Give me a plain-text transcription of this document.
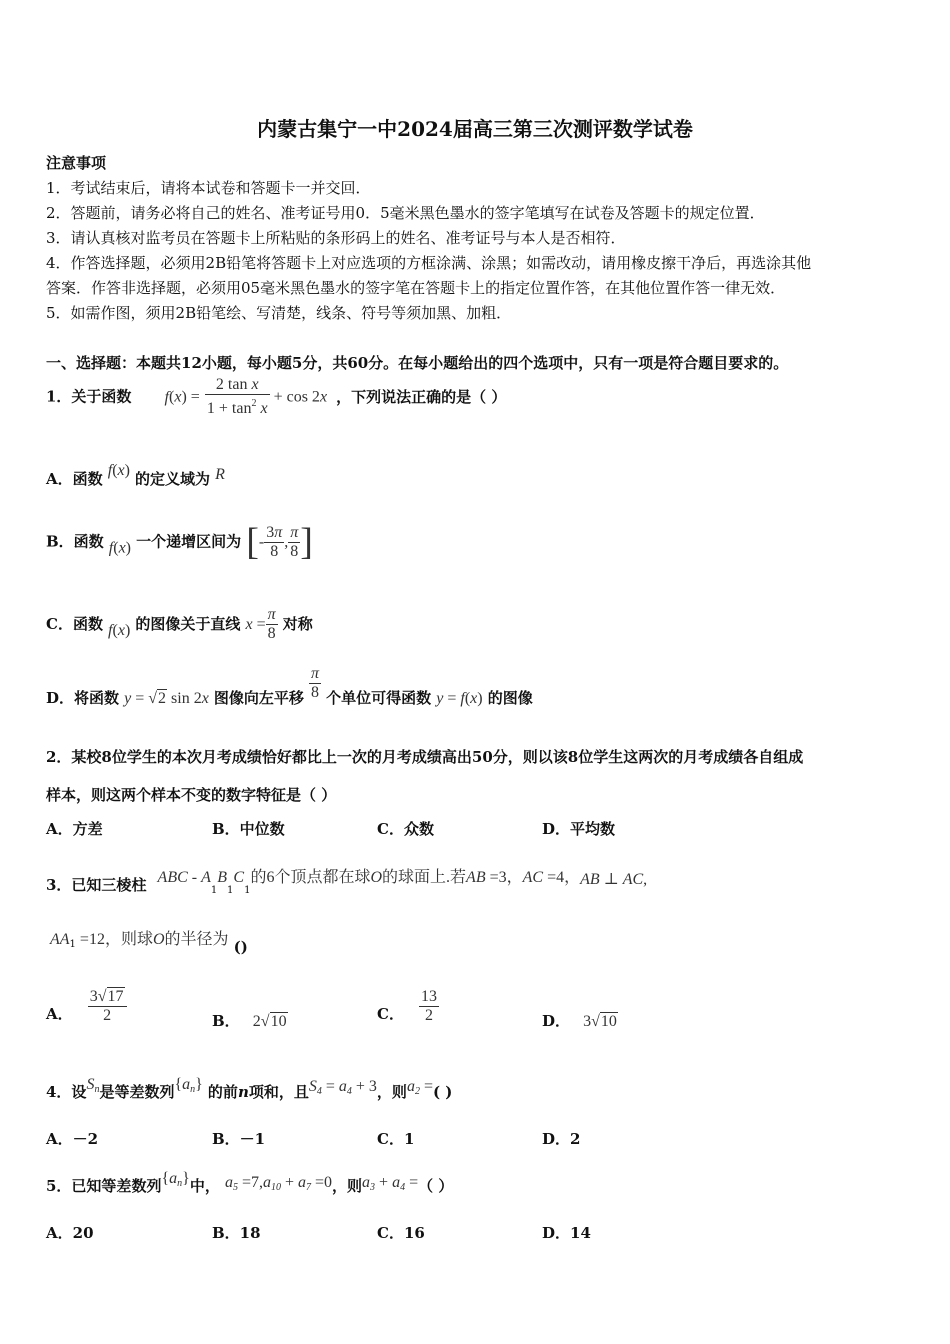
内蒙古集宁一中2024届高三第三次测评数学试卷
注意事项
1．考试结束后，请将本试卷和答题卡一并交回．
2．答题前，请务必将自己的姓名、准考证号用0．5毫米黑色墨水的签字笔填写在试卷及答题卡的规定位置．
3．请认真核对监考员在答题卡上所粘贴的条形码上的姓名、准考证号与本人是否相符．
4．作答选择题，必须用2B铅笔将答题卡上对应选项的方框涂满、涂黑；如需改动，请用橡皮擦干净后，再选涂其他
答案．作答非选择题，必须用05毫米黑色墨水的签字笔在答题卡上的指定位置作答，在其他位置作答一律无效．
5．如需作图，须用2B铅笔绘、写清楚，线条、符号等须加黑、加粗．
一、选择题：本题共12小题，每小题5分，共60分。在每小题给出的四个选项中，只有一项是符合题目要求的。
1．关于函数 $f(x) = \frac{\text{2 tan x}}{1 + \tan^2 x} + \cos 2x$ ，下列说法正确的是（ ）
A．函数 f(x) 的定义域为 R
B．函数 f(x) 一个递增区间为 [- $\frac{3\pi}{8}$ , $\frac{\pi}{8}$ ]
C．函数 f(x) 的图像关于直线 $x = \frac{\pi}{8}$ 对称
D．将函数 y = √2 sin 2x 图像向左平移 $\frac{\pi}{8}$ 个单位可得函数 y = f(x) 的图像
2．某校8位学生的本次月考成绩恰好都比上一次的月考成绩高出50分，则以该8位学生这两次的月考成绩各自组成
样本，则这两个样本不变的数字特征是（ ）
A．方差	B．中位数	C．众数	D．平均数
3．已知三棱柱 ABC - $A_1B_1C_1$的6个顶点都在球O的球面上.若AB =3，AC =4，AB ⊥ AC,
$AA_1 =12$，则球O的半径为 ()
A． $\frac{3√17}{2}$	B． 2√10	C． $\frac{13}{2}$	D． 3√10
4．设$S_n$是等差数列$\{a_n\}$ 的前n项和，且$S_4 = a_4 + 3$，则$a_2$ =( )
A．－2	B．－1	C．1	D．2
5．已知等差数列$\{a_n\}$中， $a_5 =7,a_{10} + a_7 =0$，则$a_3 + a_4$ =（ ）
A．20	B．18	C．16	D．14
